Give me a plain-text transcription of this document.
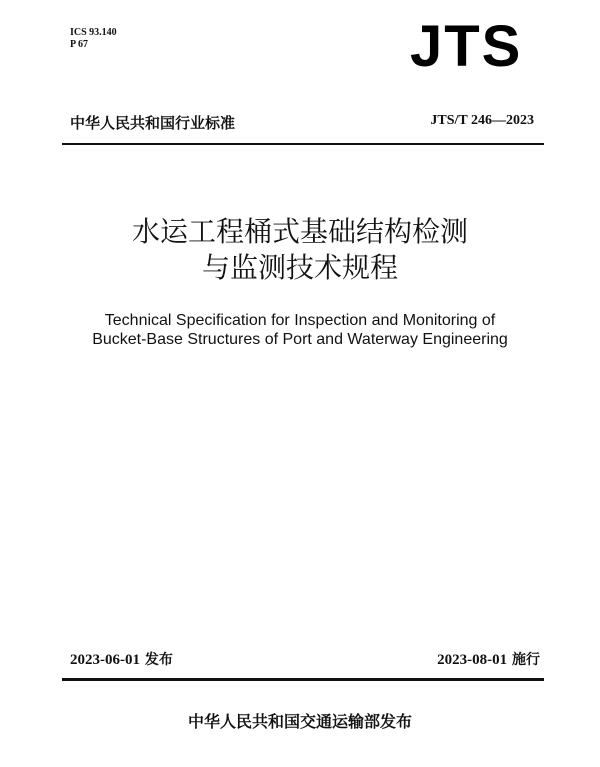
ICS 93.140
P 67	JTS
中华人民共和国行业标准	JTS/T 246—2023
水运工程桶式基础结构检测
与监测技术规程
Technical Specification for Inspection and Monitoring of
Bucket-Base Structures of Port and Waterway Engineering
2023-06-01 发布	2023-08-01 施行
中华人民共和国交通运输部发布
